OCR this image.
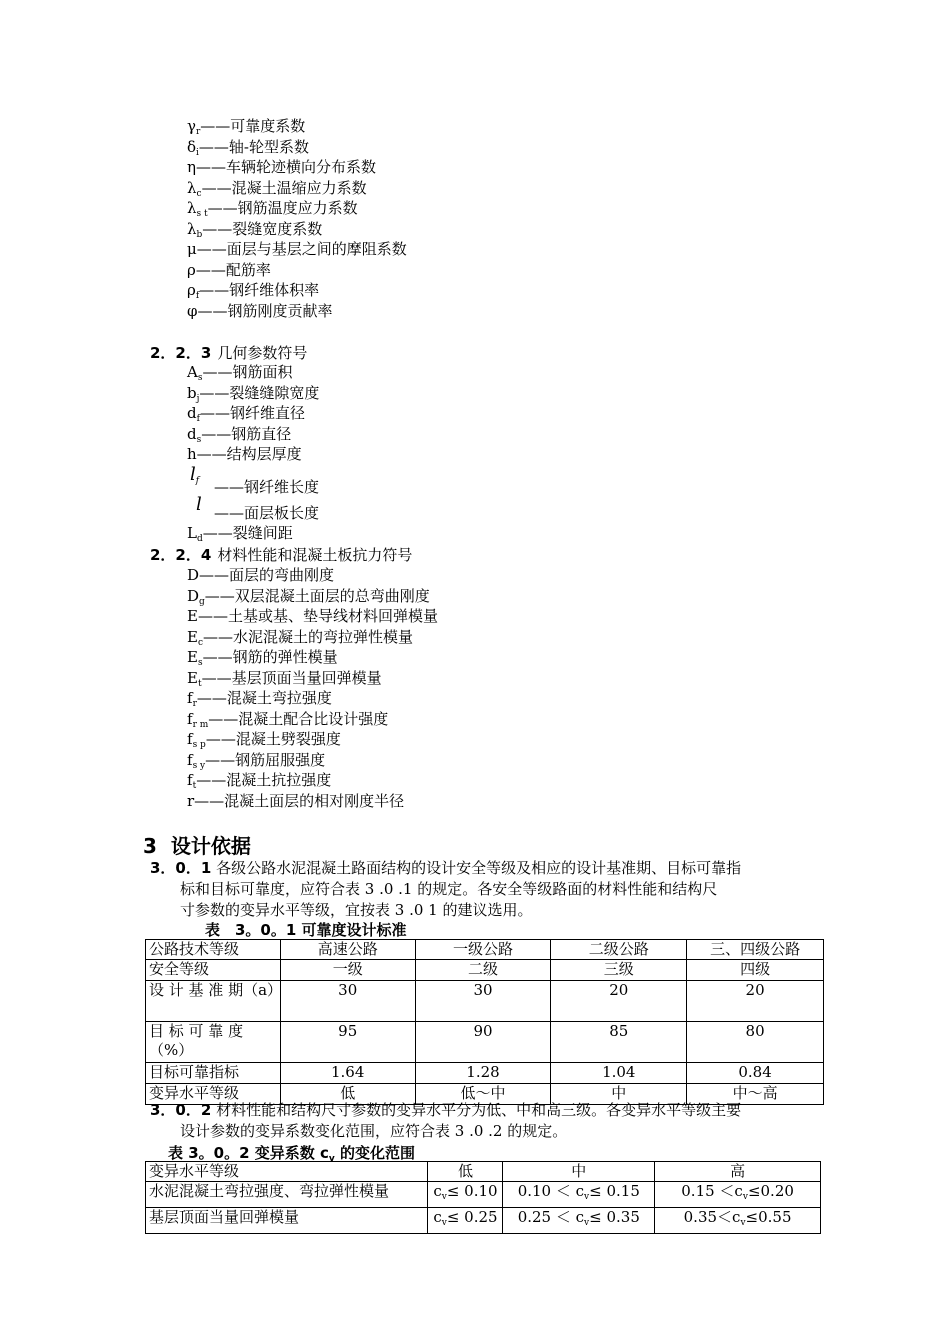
$\gamma_r——$可靠度系数
$\delta_i——$轴-轮型系数
η——车辆轮迹横向分布系数
$\lambda_c——$混凝土温缩应力系数
$\lambda_{s t}——$钢筋温度应力系数
$\lambda_b——$裂缝宽度系数
μ——面层与基层之间的摩阻系数
ρ——配筋率
$\rho_f——$钢纤维体积率
φ——钢筋刚度贡献率
2．2．3 几何参数符号
$A_s——$钢筋面积
$b_j——$裂缝缝隙宽度
$d_f——$钢纤维直径
$d_s——$钢筋直径
h——结构层厚度
$l_f$ ——钢纤维长度
l ——面层板长度
$L_d——$裂缝间距
2．2．4 材料性能和混凝土板抗力符号
D——面层的弯曲刚度
$D_g——$双层混凝土面层的总弯曲刚度
E——土基或基、垫导线材料回弹模量
$E_c——$水泥混凝土的弯拉弹性模量
$E_s——$钢筋的弹性模量
$E_t——$基层顶面当量回弹模量
$f_r——$混凝土弯拉强度
$f_{r m}——$混凝土配合比设计强度
$f_{s p}——$混凝土劈裂强度
$f_{s y}——$钢筋屈服强度
$f_t——$混凝土抗拉强度
r——混凝土面层的相对刚度半径
3 设计依据
3．0．1 各级公路水泥混凝土路面结构的设计安全等级及相应的设计基准期、目标可靠指
标和目标可靠度，应符合表 3 .0 .1 的规定。各安全等级路面的材料性能和结构尺
寸参数的变异水平等级，宜按表 3 .0 1 的建议选用。
表　3。0。1 可靠度设计标准
公路技术等级	高速公路	一级公路	二级公路	三、四级公路
安全等级	一级	二级	三级	四级
设 计 基 准 期（a）	30	30	20	20
目 标 可 靠 度（%）	95	90	85	80
目标可靠指标	1.64	1.28	1.04	0.84
变异水平等级	低	低～中	中	中～高
3．0．2 材料性能和结构尺寸参数的变异水平分为低、中和高三级。各变异水平等级主要
设计参数的变异系数变化范围，应符合表 3 .0 .2 的规定。
表 3。0。2 变异系数 $c_v$ 的变化范围
变异水平等级	低	中	高
水泥混凝土弯拉强度、弯拉弹性模量	$c_v\le 0.10$	$0.10 < c_v\le 0.15$	$0.15 <c_v\le 0.20$
基层顶面当量回弹模量	$c_v\le 0.25$	$0.25 < c_v\le 0.35$	$0.35<c_v\le 0.55$
